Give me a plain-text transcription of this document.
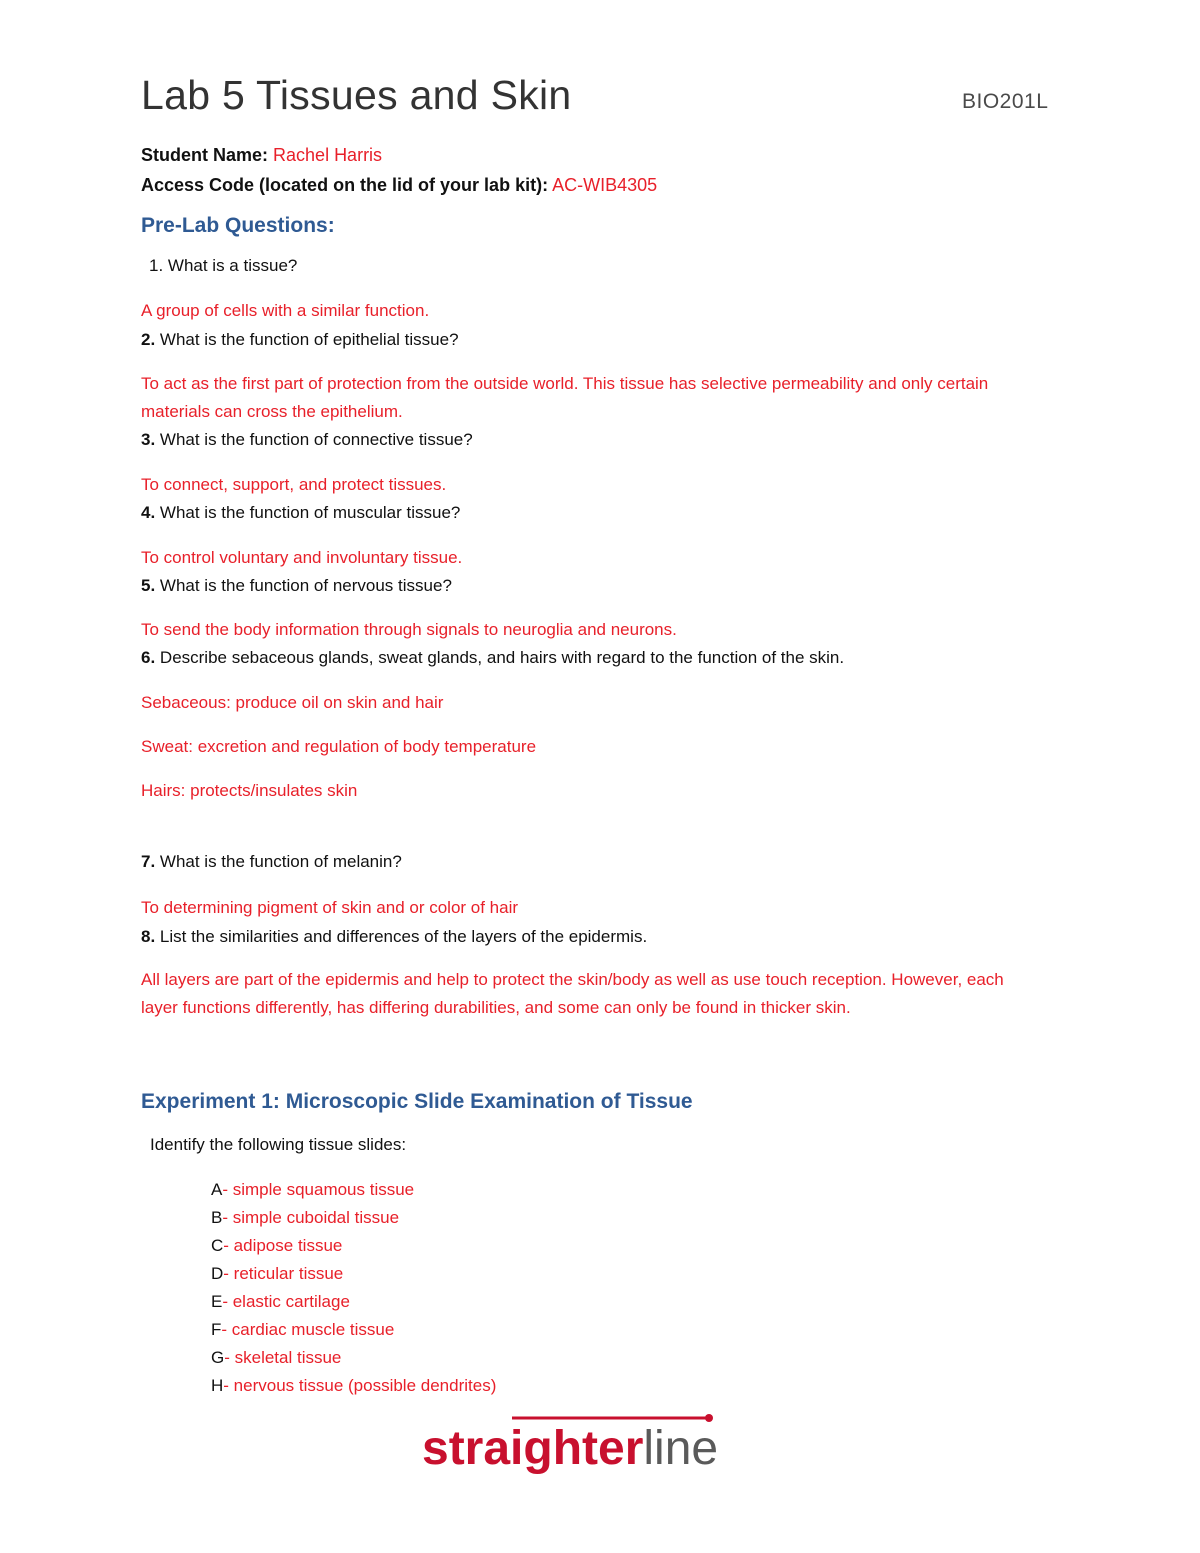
Lab 5 Tissues and Skin	BIO201L
Student Name: Rachel Harris
Access Code (located on the lid of your lab kit): AC-WIB4305
Pre-Lab Questions:
1. What is a tissue?
A group of cells with a similar function.
2. What is the function of epithelial tissue?
To act as the first part of protection from the outside world. This tissue has selective permeability and only certain materials can cross the epithelium.
3. What is the function of connective tissue?
To connect, support, and protect tissues.
4. What is the function of muscular tissue?
To control voluntary and involuntary tissue.
5. What is the function of nervous tissue?
To send the body information through signals to neuroglia and neurons.
6. Describe sebaceous glands, sweat glands, and hairs with regard to the function of the skin.
Sebaceous: produce oil on skin and hair
Sweat: excretion and regulation of body temperature
Hairs: protects/insulates skin
7. What is the function of melanin?
To determining pigment of skin and or color of hair
8. List the similarities and differences of the layers of the epidermis.
All layers are part of the epidermis and help to protect the skin/body as well as use touch reception. However, each layer functions differently, has differing durabilities, and some can only be found in thicker skin.
Experiment 1: Microscopic Slide Examination of Tissue
Identify the following tissue slides:
A- simple squamous tissue
B- simple cuboidal tissue
C- adipose tissue
D- reticular tissue
E- elastic cartilage
F- cardiac muscle tissue
G- skeletal tissue
H- nervous tissue (possible dendrites)
straighterline
